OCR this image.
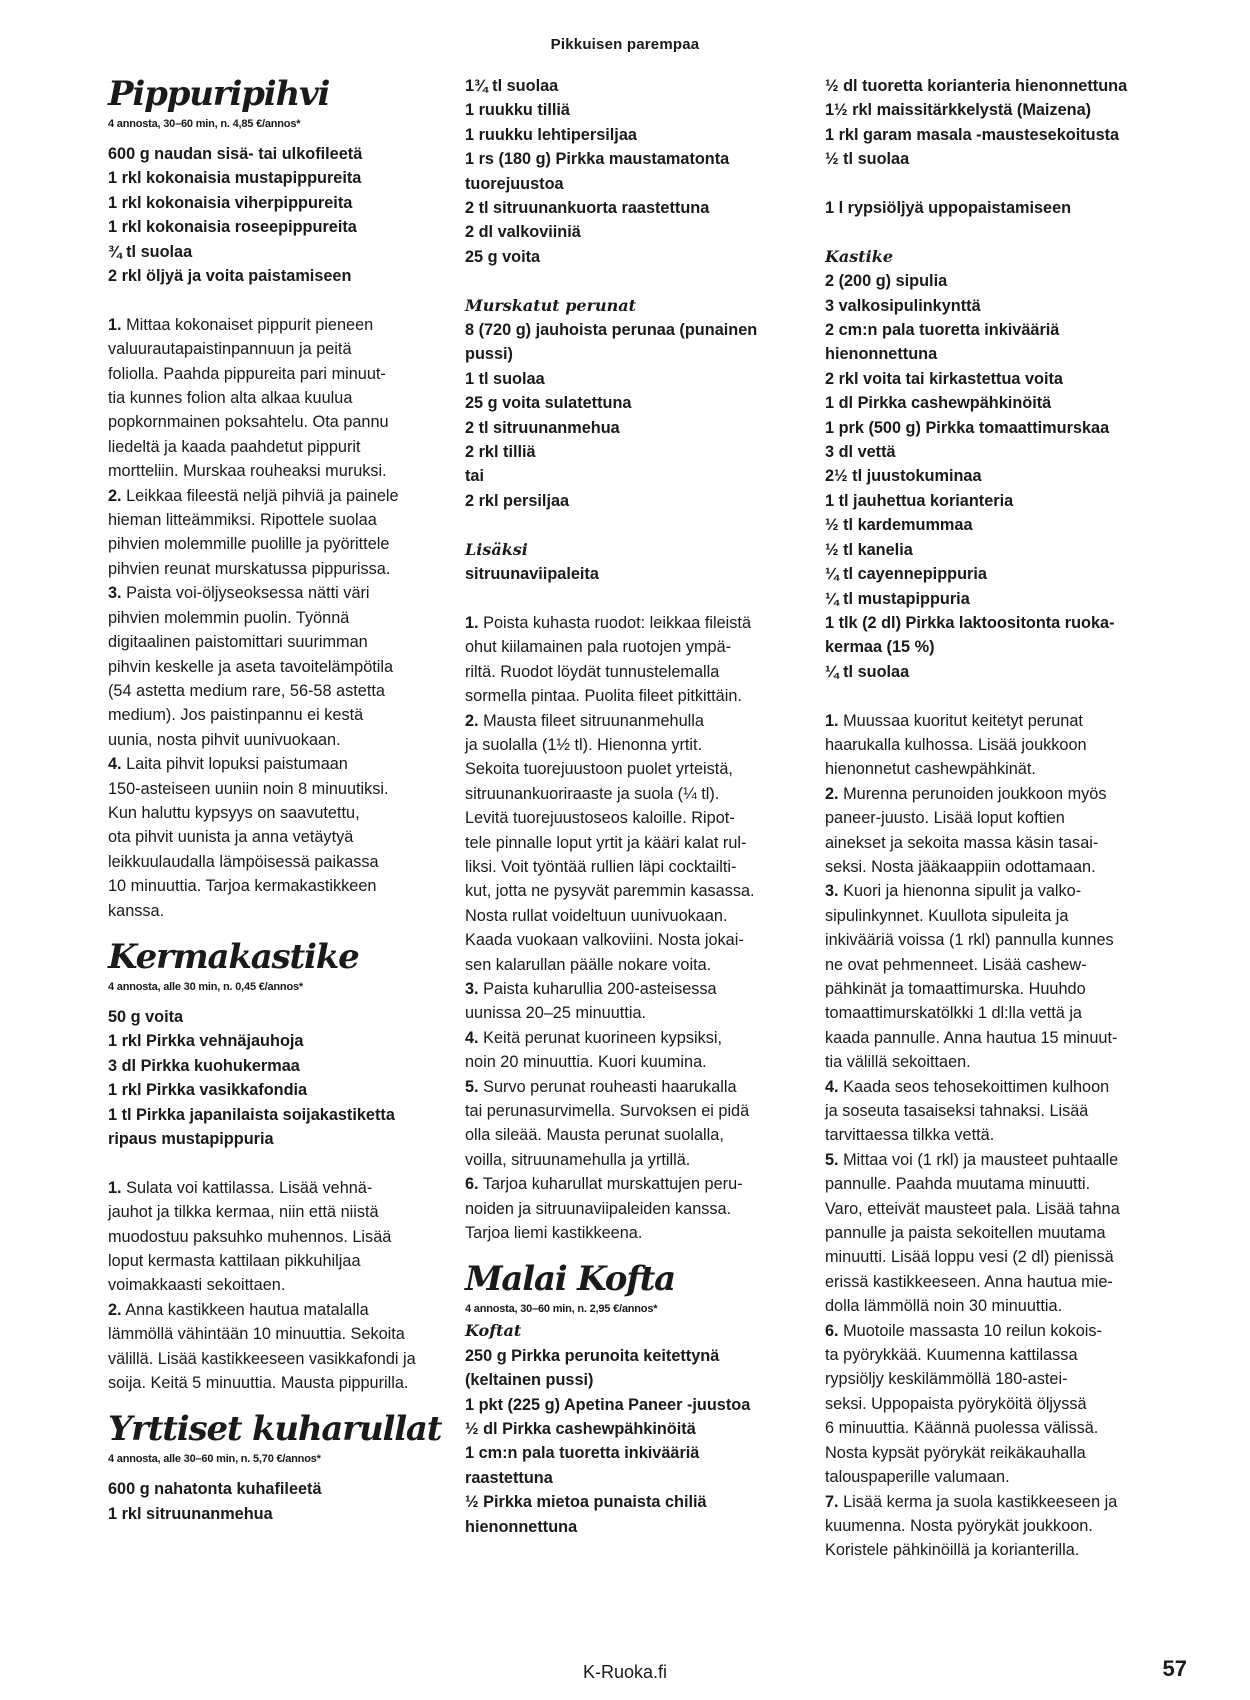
Pikkuisen parempaa
Pippuripihvi
4 annosta, 30–60 min, n. 4,85 €/annos*
600 g naudan sisä- tai ulkofileetä
1 rkl kokonaisia mustapippureita
1 rkl kokonaisia viherpippureita
1 rkl kokonaisia roseepippureita
¾ tl suolaa
2 rkl öljyä ja voita paistamiseen
1. Mittaa kokonaiset pippurit pieneen
valuurautapaistinpannuun ja peitä
foliolla. Paahda pippureita pari minuut-
tia kunnes folion alta alkaa kuulua
popkornmainen poksahtelu. Ota pannu
liedeltä ja kaada paahdetut pippurit
mortteliin. Murskaa rouheaksi muruksi.
2. Leikkaa fileestä neljä pihviä ja painele
hieman litteämmiksi. Ripottele suolaa
pihvien molemmille puolille ja pyörittele
pihvien reunat murskatussa pippurissa.
3. Paista voi-öljyseoksessa nätti väri
pihvien molemmin puolin. Työnnä
digitaalinen paistomittari suurimman
pihvin keskelle ja aseta tavoitelämpötila
(54 astetta medium rare, 56-58 astetta
medium). Jos paistinpannu ei kestä
uunia, nosta pihvit uunivuokaan.
4. Laita pihvit lopuksi paistumaan
150-asteiseen uuniin noin 8 minuutiksi.
Kun haluttu kypsyys on saavutettu,
ota pihvit uunista ja anna vetäytyä
leikkuulaudalla lämpöisessä paikassa
10 minuuttia. Tarjoa kermakastikkeen
kanssa.
Kermakastike
4 annosta, alle 30 min, n. 0,45 €/annos*
50 g voita
1 rkl Pirkka vehnäjauhoja
3 dl Pirkka kuohukermaa
1 rkl Pirkka vasikkafondia
1 tl Pirkka japanilaista soijakastiketta
ripaus mustapippuria
1. Sulata voi kattilassa. Lisää vehnä-
jauhot ja tilkka kermaa, niin että niistä
muodostuu paksuhko muhennos. Lisää
loput kermasta kattilaan pikkuhiljaa
voimakkaasti sekoittaen.
2. Anna kastikkeen hautua matalalla
lämmöllä vähintään 10 minuuttia. Sekoita
välillä. Lisää kastikkeeseen vasikkafondi ja
soija. Keitä 5 minuuttia. Mausta pippurilla.
Yrttiset kuharullat
4 annosta, alle 30–60 min, n. 5,70 €/annos*
600 g nahatonta kuhafileetä
1 rkl sitruunanmehua
1¾ tl suolaa
1 ruukku tilliä
1 ruukku lehtipersiljaa
1 rs (180 g) Pirkka maustamatonta
tuorejuustoa
2 tl sitruunankuorta raastettuna
2 dl valkoviiniä
25 g voita
Murskatut perunat
8 (720 g) jauhoista perunaa (punainen
pussi)
1 tl suolaa
25 g voita sulatettuna
2 tl sitruunanmehua
2 rkl tilliä
tai
2 rkl persiljaa
Lisäksi
sitruunaviipaleita
1. Poista kuhasta ruodot: leikkaa fileistä
ohut kiilamainen pala ruotojen ympä-
riltä. Ruodot löydät tunnustelemalla
sormella pintaa. Puolita fileet pitkittäin.
2. Mausta fileet sitruunanmehulla
ja suolalla (1½ tl). Hienonna yrtit.
Sekoita tuorejuustoon puolet yrteistä,
sitruunankuoriraaste ja suola (¼ tl).
Levitä tuorejuustoseos kaloille. Ripot-
tele pinnalle loput yrtit ja kääri kalat rul-
liksi. Voit työntää rullien läpi cocktailti-
kut, jotta ne pysyvät paremmin kasassa.
Nosta rullat voideltuun uunivuokaan.
Kaada vuokaan valkoviini. Nosta jokai-
sen kalarullan päälle nokare voita.
3. Paista kuharullia 200-asteisessa
uunissa 20–25 minuuttia.
4. Keitä perunat kuorineen kypsiksi,
noin 20 minuuttia. Kuori kuumina.
5. Survo perunat rouheasti haarukalla
tai perunasurvimella. Survoksen ei pidä
olla sileää. Mausta perunat suolalla,
voilla, sitruunamehulla ja yrtillä.
6. Tarjoa kuharullat murskattujen peru-
noiden ja sitruunaviipaleiden kanssa.
Tarjoa liemi kastikkeena.
Malai Kofta
4 annosta, 30–60 min, n. 2,95 €/annos*
Koftat
250 g Pirkka perunoita keitettynä
(keltainen pussi)
1 pkt (225 g) Apetina Paneer -juustoa
½ dl Pirkka cashewpähkinöitä
1 cm:n pala tuoretta inkivääriä
raastettuna
½ Pirkka mietoa punaista chiliä
hienonnettuna
½ dl tuoretta korianteria hienonnettuna
1½ rkl maissitärkkelystä (Maizena)
1 rkl garam masala -maustesekoitusta
½ tl suolaa
1 l rypsiöljyä uppopaistamiseen
Kastike
2 (200 g) sipulia
3 valkosipulinkynttä
2 cm:n pala tuoretta inkivääriä
hienonnettuna
2 rkl voita tai kirkastettua voita
1 dl Pirkka cashewpähkinöitä
1 prk (500 g) Pirkka tomaattimurskaa
3 dl vettä
2½ tl juustokuminaa
1 tl jauhettua korianteria
½ tl kardemummaa
½ tl kanelia
¼ tl cayennepippuria
¼ tl mustapippuria
1 tlk (2 dl) Pirkka laktoositonta ruoka-
kermaa (15 %)
¼ tl suolaa
1. Muussaa kuoritut keitetyt perunat
haarukalla kulhossa. Lisää joukkoon
hienonnetut cashewpähkinät.
2. Murenna perunoiden joukkoon myös
paneer-juusto. Lisää loput koftien
ainekset ja sekoita massa käsin tasai-
seksi. Nosta jääkaappiin odottamaan.
3. Kuori ja hienonna sipulit ja valko-
sipulinkynnet. Kuullota sipuleita ja
inkivääriä voissa (1 rkl) pannulla kunnes
ne ovat pehmenneet. Lisää cashew-
pähkinät ja tomaattimurska. Huuhdo
tomaattimurskatölkki 1 dl:lla vettä ja
kaada pannulle. Anna hautua 15 minuut-
tia välillä sekoittaen.
4. Kaada seos tehosekoittimen kulhoon
ja soseuta tasaiseksi tahnaksi. Lisää
tarvittaessa tilkka vettä.
5. Mittaa voi (1 rkl) ja mausteet puhtaalle
pannulle. Paahda muutama minuutti.
Varo, etteivät mausteet pala. Lisää tahna
pannulle ja paista sekoitellen muutama
minuutti. Lisää loppu vesi (2 dl) pienissä
erissä kastikkeeseen. Anna hautua mie-
dolla lämmöllä noin 30 minuuttia.
6. Muotoile massasta 10 reilun kokois-
ta pyörykkää. Kuumenna kattilassa
rypsiöljy keskilämmöllä 180-astei-
seksi. Uppopaista pyöryköitä öljyssä
6 minuuttia. Käännä puolessa välissä.
Nosta kypsät pyörykät reikäkauhalla
talouspaperille valumaan.
7. Lisää kerma ja suola kastikkeeseen ja
kuumenna. Nosta pyörykät joukkoon.
Koristele pähkinöillä ja korianterilla.
K-Ruoka.fi	57
